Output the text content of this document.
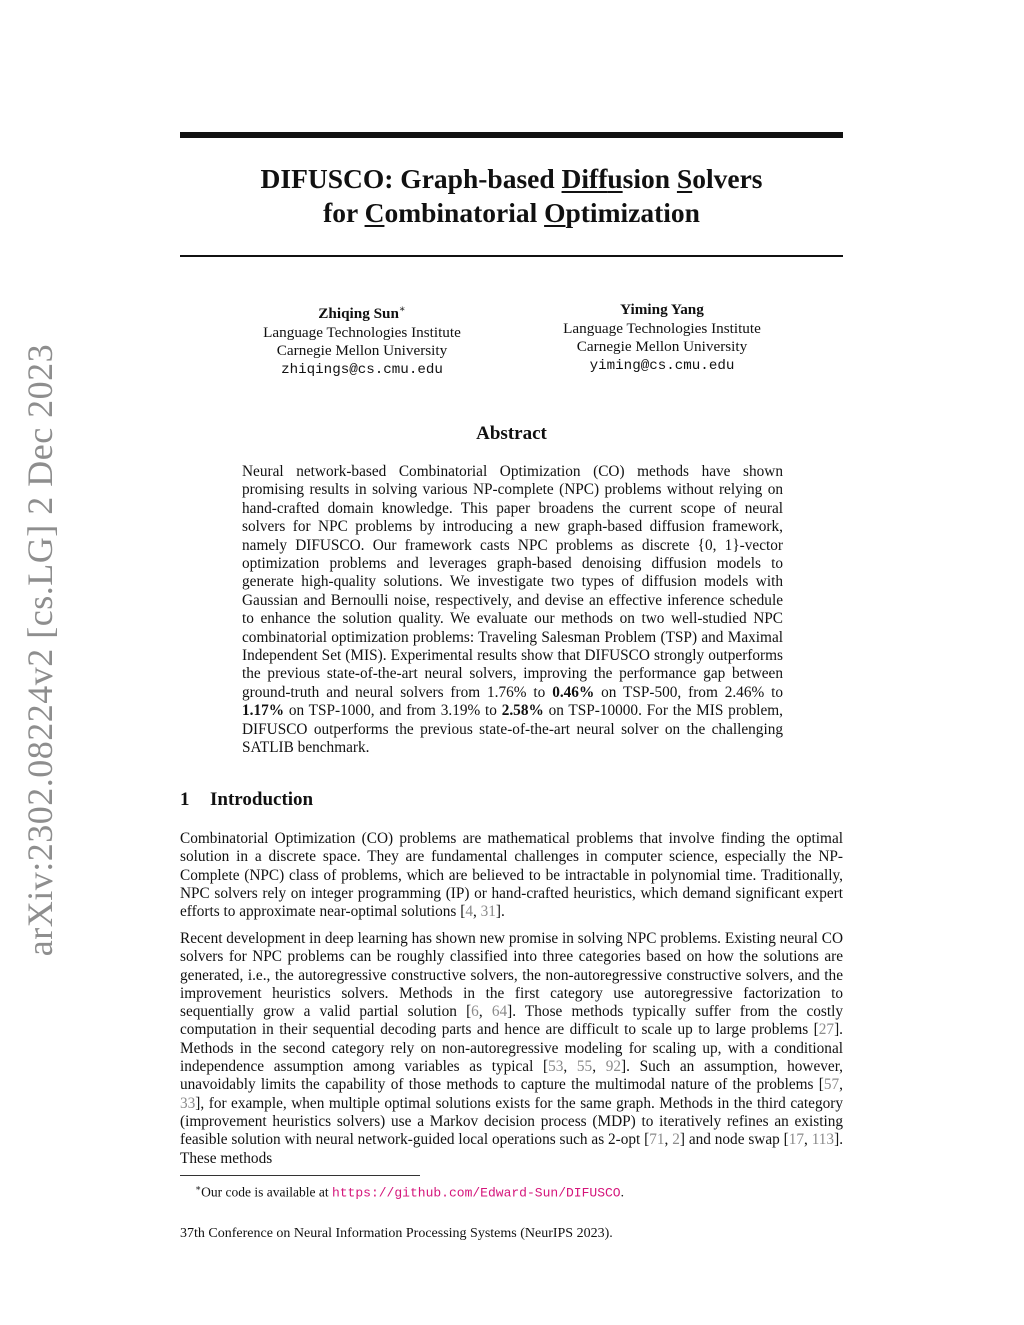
arXiv:2302.08224v2 [cs.LG] 2 Dec 2023
DIFUSCO: Graph-based Diffusion Solvers
for Combinatorial Optimization
Zhiqing Sun∗
Language Technologies Institute
Carnegie Mellon University
zhiqings@cs.cmu.edu
Yiming Yang
Language Technologies Institute
Carnegie Mellon University
yiming@cs.cmu.edu
Abstract
Neural network-based Combinatorial Optimization (CO) methods have shown promising results in solving various NP-complete (NPC) problems without relying on hand-crafted domain knowledge. This paper broadens the current scope of neural solvers for NPC problems by introducing a new graph-based diffusion framework, namely DIFUSCO. Our framework casts NPC problems as discrete {0, 1}-vector optimization problems and leverages graph-based denoising diffusion models to generate high-quality solutions. We investigate two types of diffusion models with Gaussian and Bernoulli noise, respectively, and devise an effective inference schedule to enhance the solution quality. We evaluate our methods on two well-studied NPC combinatorial optimization problems: Traveling Salesman Problem (TSP) and Maximal Independent Set (MIS). Experimental results show that DIFUSCO strongly outperforms the previous state-of-the-art neural solvers, improving the performance gap between ground-truth and neural solvers from 1.76% to 0.46% on TSP-500, from 2.46% to 1.17% on TSP-1000, and from 3.19% to 2.58% on TSP-10000. For the MIS problem, DIFUSCO outperforms the previous state-of-the-art neural solver on the challenging SATLIB benchmark.
1 Introduction

Combinatorial Optimization (CO) problems are mathematical problems that involve finding the optimal solution in a discrete space. They are fundamental challenges in computer science, especially the NP-Complete (NPC) class of problems, which are believed to be intractable in polynomial time. Traditionally, NPC solvers rely on integer programming (IP) or hand-crafted heuristics, which demand significant expert efforts to approximate near-optimal solutions [4, 31].

Recent development in deep learning has shown new promise in solving NPC problems. Existing neural CO solvers for NPC problems can be roughly classified into three categories based on how the solutions are generated, i.e., the autoregressive constructive solvers, the non-autoregressive constructive solvers, and the improvement heuristics solvers. Methods in the first category use autoregressive factorization to sequentially grow a valid partial solution [6, 64]. Those methods typically suffer from the costly computation in their sequential decoding parts and hence are difficult to scale up to large problems [27]. Methods in the second category rely on non-autoregressive modeling for scaling up, with a conditional independence assumption among variables as typical [53, 55, 92]. Such an assumption, however, unavoidably limits the capability of those methods to capture the multimodal nature of the problems [57, 33], for example, when multiple optimal solutions exists for the same graph. Methods in the third category (improvement heuristics solvers) use a Markov decision process (MDP) to iteratively refines an existing feasible solution with neural network-guided local operations such as 2-opt [71, 2] and node swap [17, 113]. These methods

∗Our code is available at https://github.com/Edward-Sun/DIFUSCO.
37th Conference on Neural Information Processing Systems (NeurIPS 2023).
